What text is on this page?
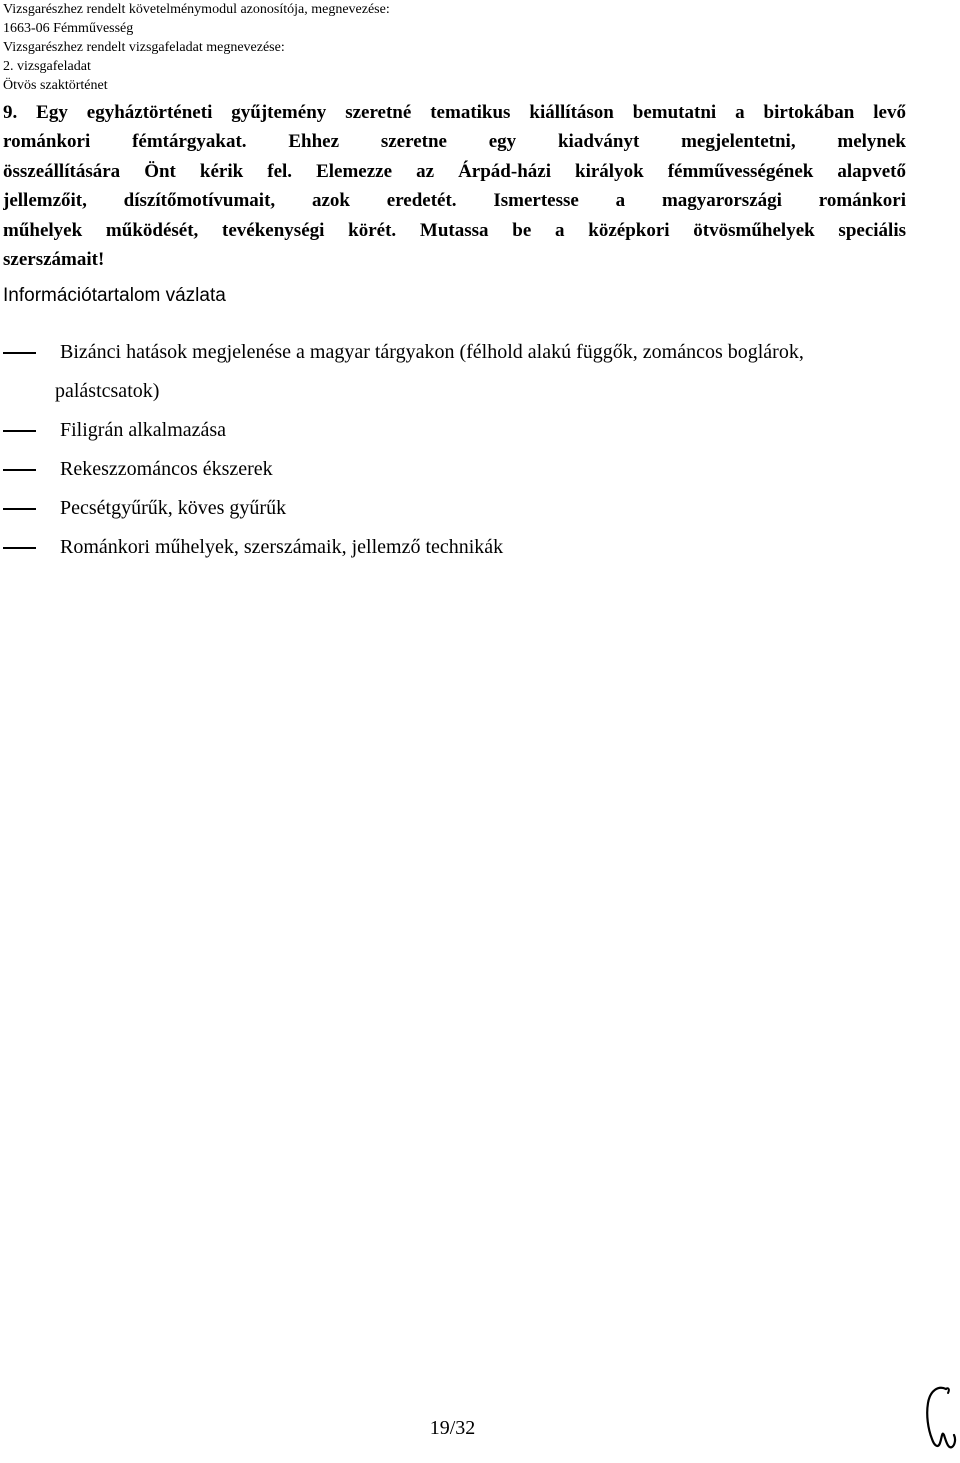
Vizsgarészhez rendelt követelménymodul azonosítója, megnevezése:
1663-06 Fémművesség
Vizsgarészhez rendelt vizsgafeladat megnevezése:
2. vizsgafeladat
Ötvös szaktörténet
9. Egy egyháztörténeti gyűjtemény szeretné tematikus kiállításon bemutatni a birtokában levő
románkori fémtárgyakat. Ehhez szeretne egy kiadványt megjelentetni, melynek
összeállítására Önt kérik fel. Elemezze az Árpád-házi királyok fémművességének alapvető
jellemzőit, díszítőmotívumait, azok eredetét. Ismertesse a magyarországi románkori
műhelyek működését, tevékenységi körét. Mutassa be a középkori ötvösműhelyek speciális
szerszámait!
Információtartalom vázlata
Bizánci hatások megjelenése a magyar tárgyakon (félhold alakú függők, zománcos boglárok,
palástcsatok)
Filigrán alkalmazása
Rekeszzománcos ékszerek
Pecsétgyűrűk, köves gyűrűk
Románkori műhelyek, szerszámaik, jellemző technikák
19/32
